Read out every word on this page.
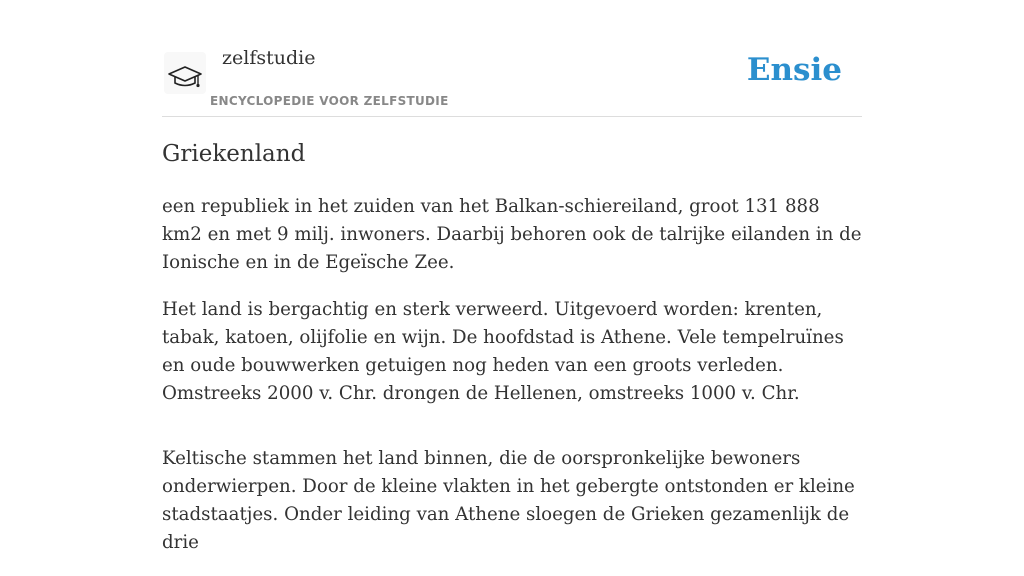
zelfstudie
ENCYCLOPEDIE VOOR ZELFSTUDIE
Ensie
Griekenland

een republiek in het zuiden van het Balkan-schiereiland, groot 131 888 km2 en met 9 milj. inwoners. Daarbij behoren ook de talrijke eilanden in de Ionische en in de Egeïsche Zee.

Het land is bergachtig en sterk verweerd. Uitgevoerd worden: krenten, tabak, katoen, olijfolie en wijn. De hoofdstad is Athene. Vele tempelruïnes en oude bouwwerken getuigen nog heden van een groots verleden. Omstreeks 2000 v. Chr. drongen de Hellenen, omstreeks 1000 v. Chr.

Keltische stammen het land binnen, die de oorspronkelijke bewoners onderwierpen. Door de kleine vlakten in het gebergte ontstonden er kleine stadstaatjes. Onder leiding van Athene sloegen de Grieken gezamenlijk de drie
